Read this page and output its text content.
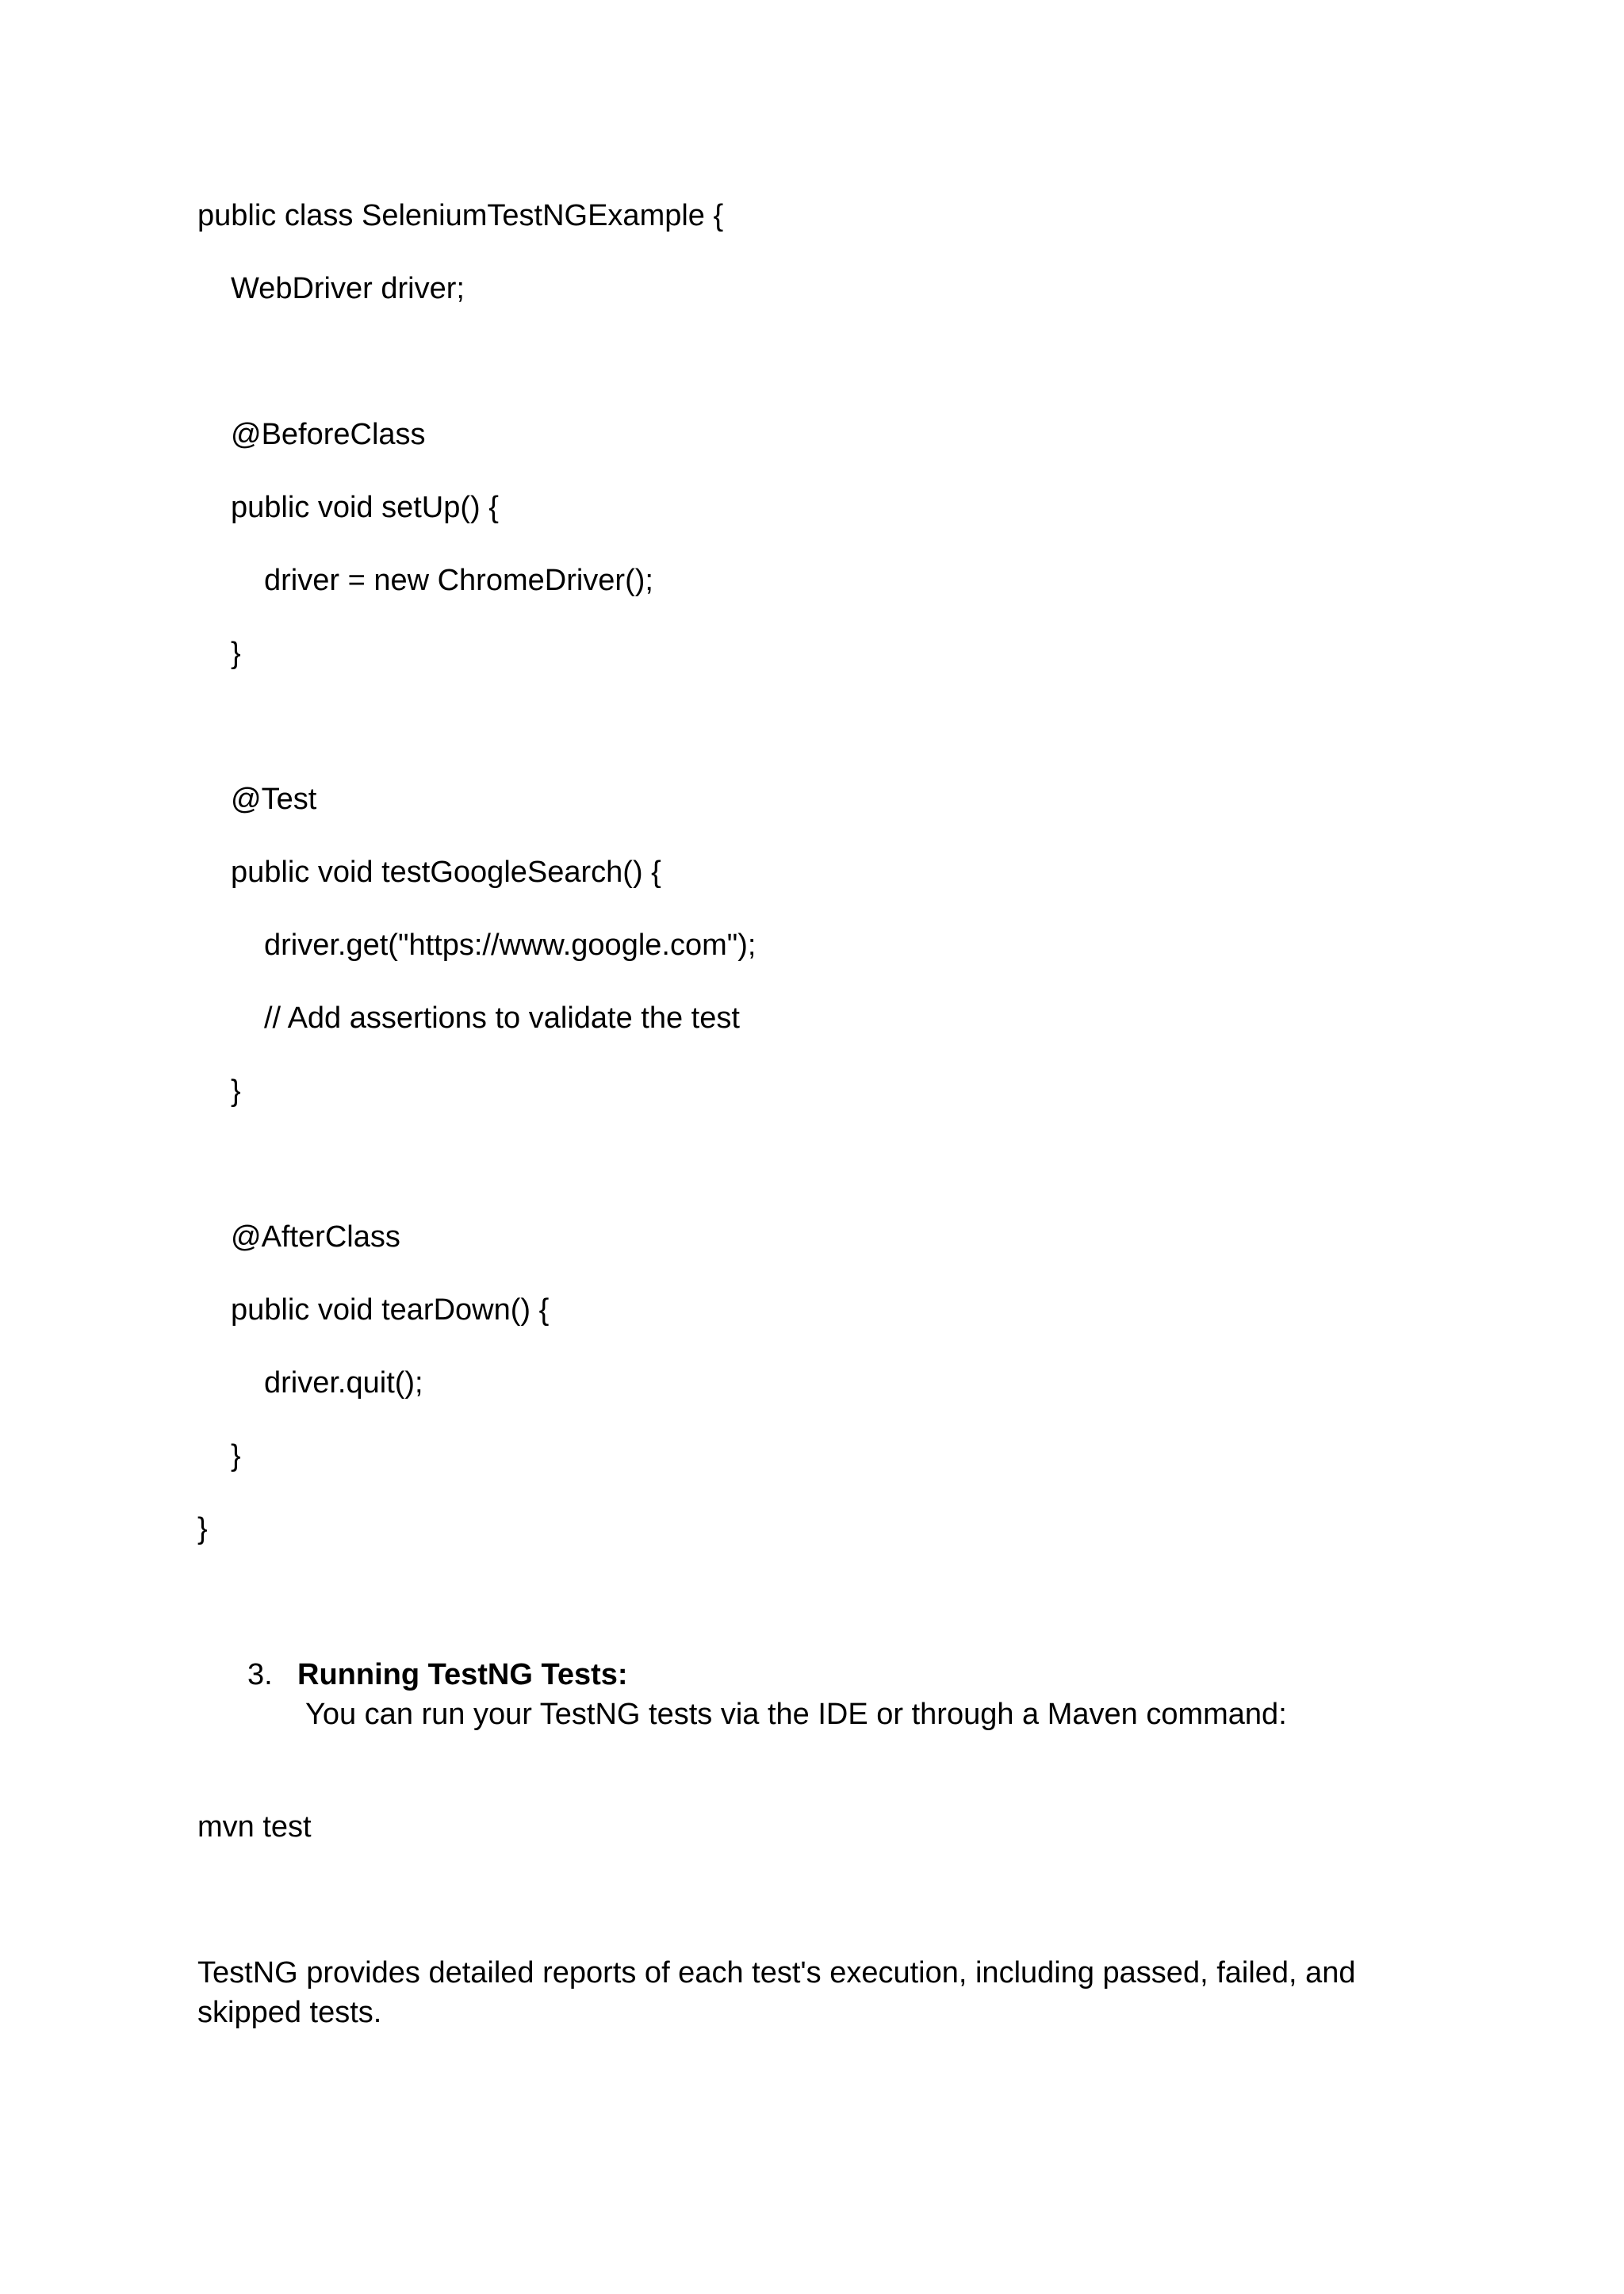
public class SeleniumTestNGExample {

WebDriver driver;

@BeforeClass

public void setUp() {

driver = new ChromeDriver();

}

@Test

public void testGoogleSearch() {

driver.get("https://www.google.com");

// Add assertions to validate the test

}

@AfterClass

public void tearDown() {

driver.quit();

}

}

3. Running TestNG Tests:
You can run your TestNG tests via the IDE or through a Maven command:

mvn test

TestNG provides detailed reports of each test's execution, including passed, failed, and skipped tests.
